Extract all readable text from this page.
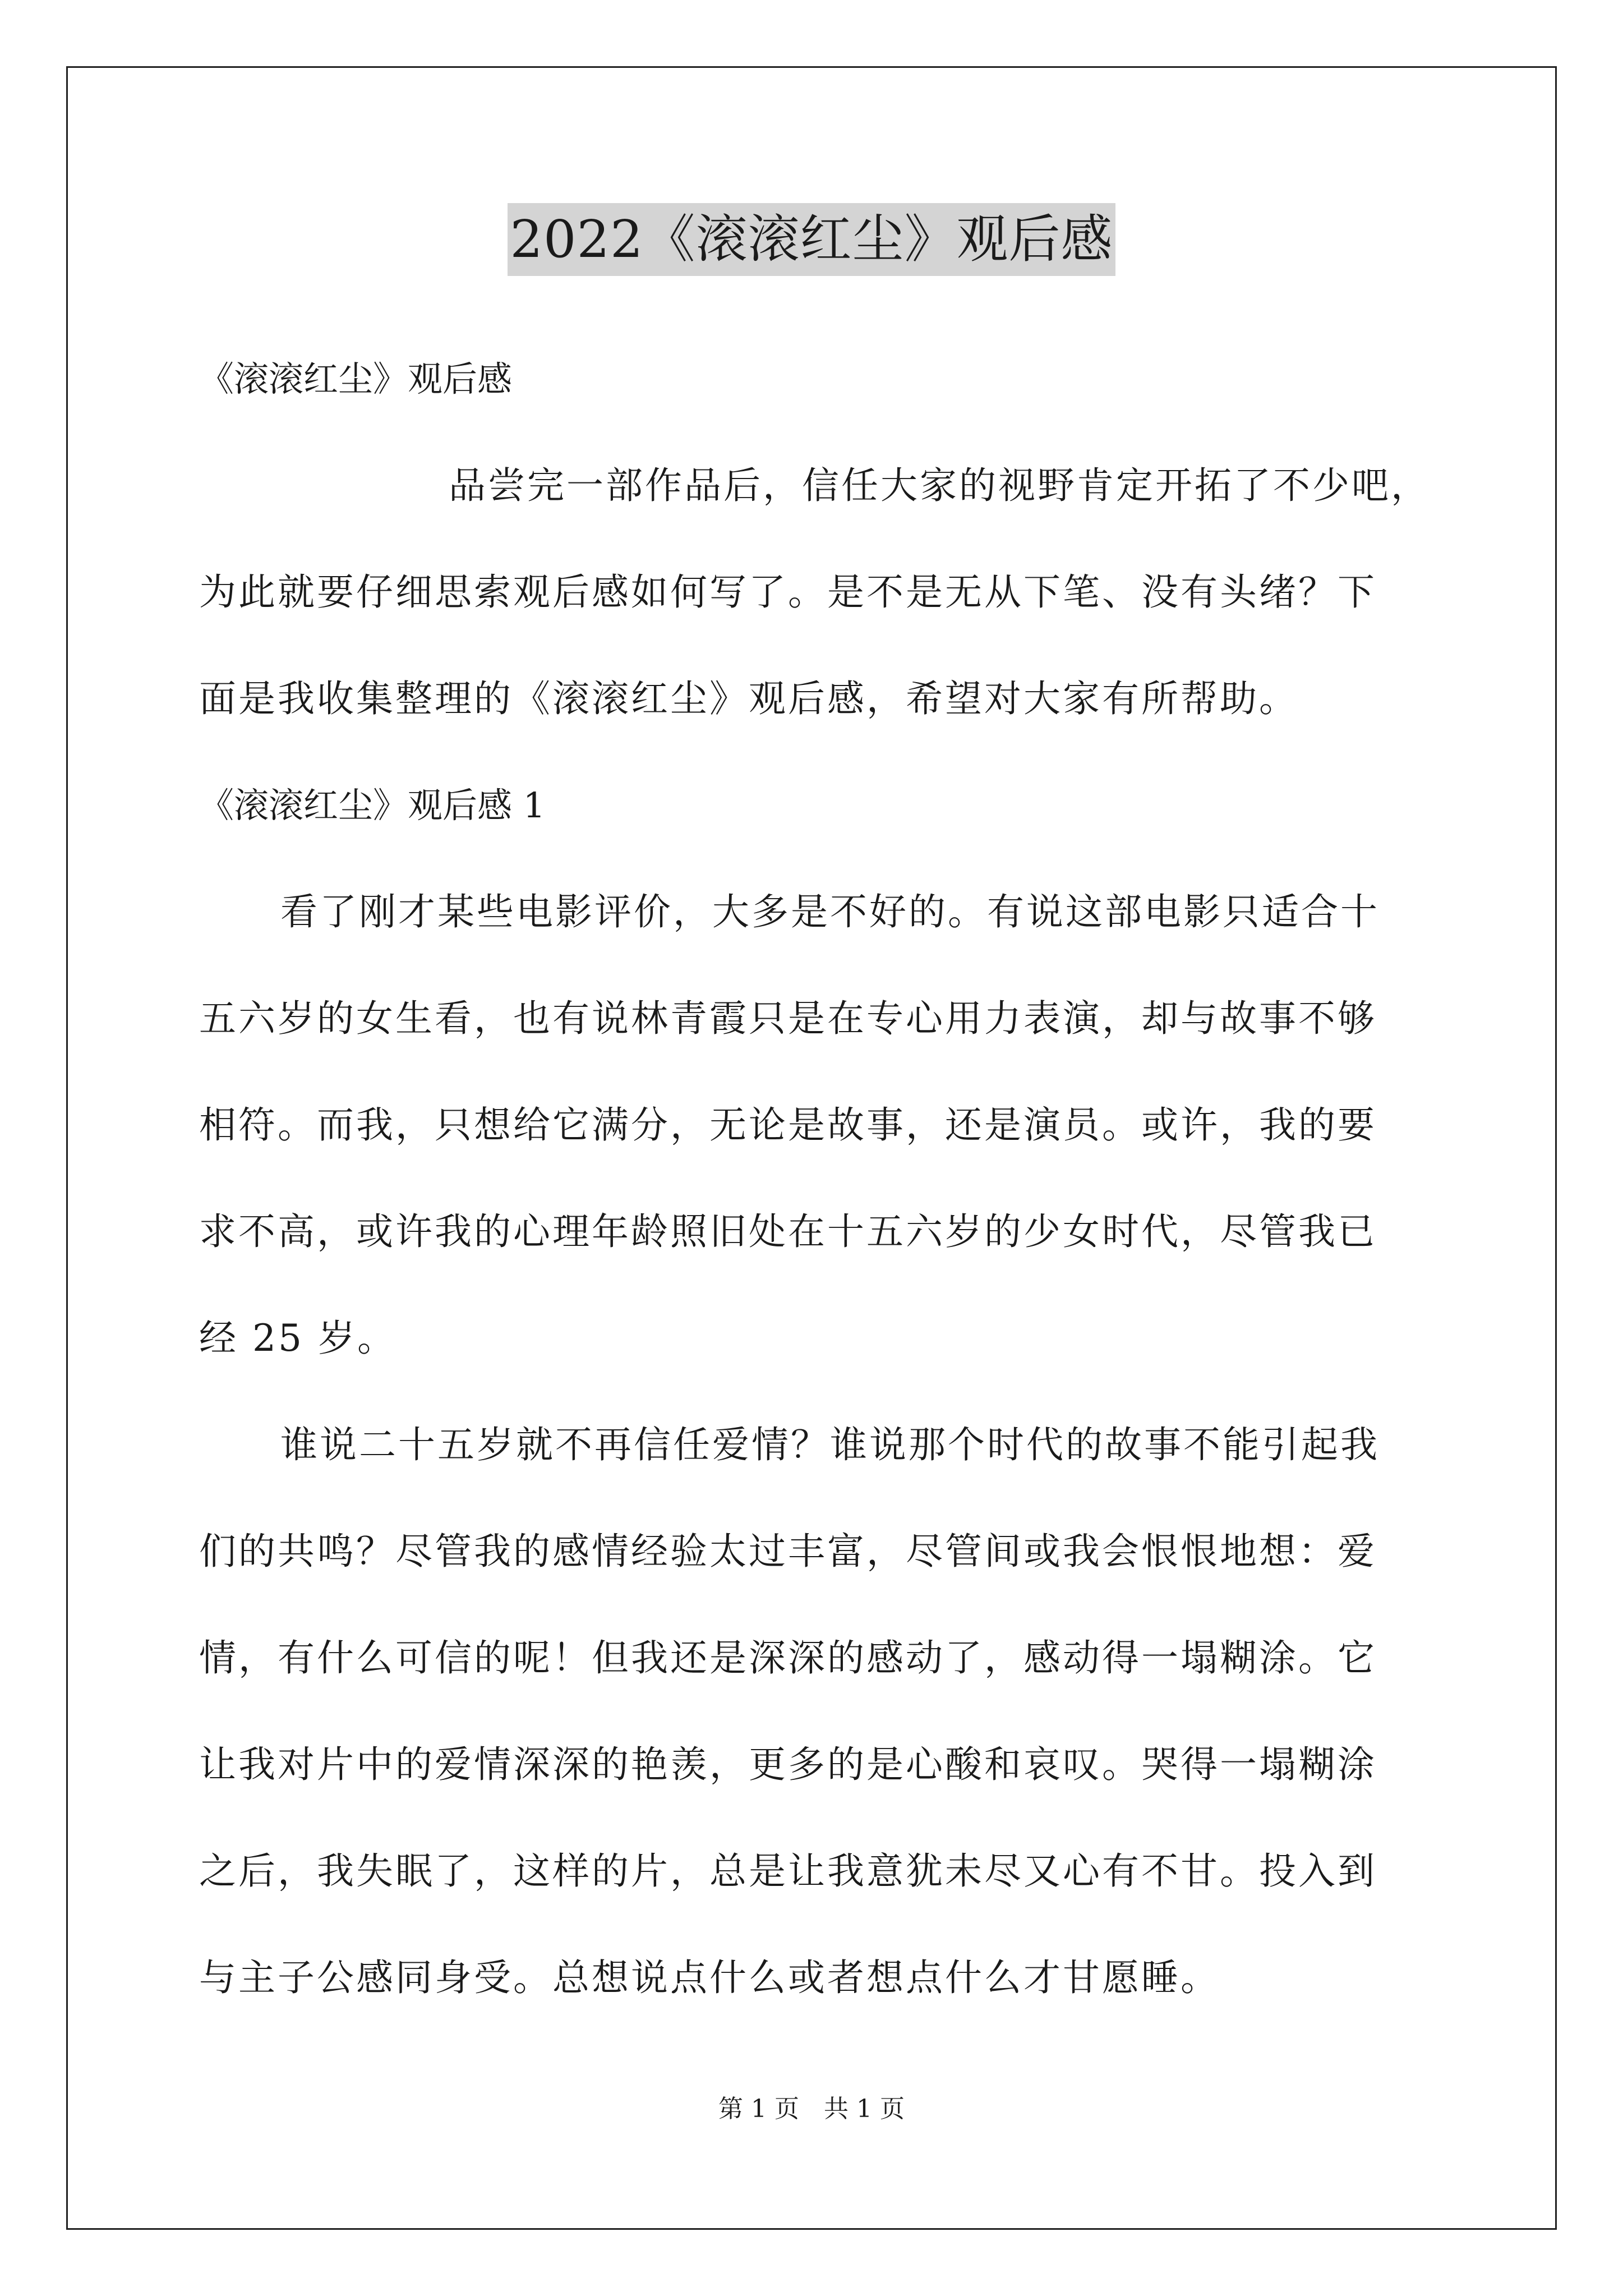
2022《滚滚红尘》观后感
《滚滚红尘》观后感
品尝完一部作品后，信任大家的视野肯定开拓了不少吧，
为此就要仔细思索观后感如何写了。是不是无从下笔、没有头绪？下
面是我收集整理的《滚滚红尘》观后感，希望对大家有所帮助。
《滚滚红尘》观后感 1
看了刚才某些电影评价，大多是不好的。有说这部电影只适合十
五六岁的女生看，也有说林青霞只是在专心用力表演，却与故事不够
相符。而我，只想给它满分，无论是故事，还是演员。或许，我的要
求不高，或许我的心理年龄照旧处在十五六岁的少女时代，尽管我已
经 25 岁。
谁说二十五岁就不再信任爱情？谁说那个时代的故事不能引起我
们的共鸣？尽管我的感情经验太过丰富，尽管间或我会恨恨地想：爱
情，有什么可信的呢！但我还是深深的感动了，感动得一塌糊涂。它
让我对片中的爱情深深的艳羡，更多的是心酸和哀叹。哭得一塌糊涂
之后，我失眠了，这样的片，总是让我意犹未尽又心有不甘。投入到
与主子公感同身受。总想说点什么或者想点什么才甘愿睡。
第 1 页　共 1 页
